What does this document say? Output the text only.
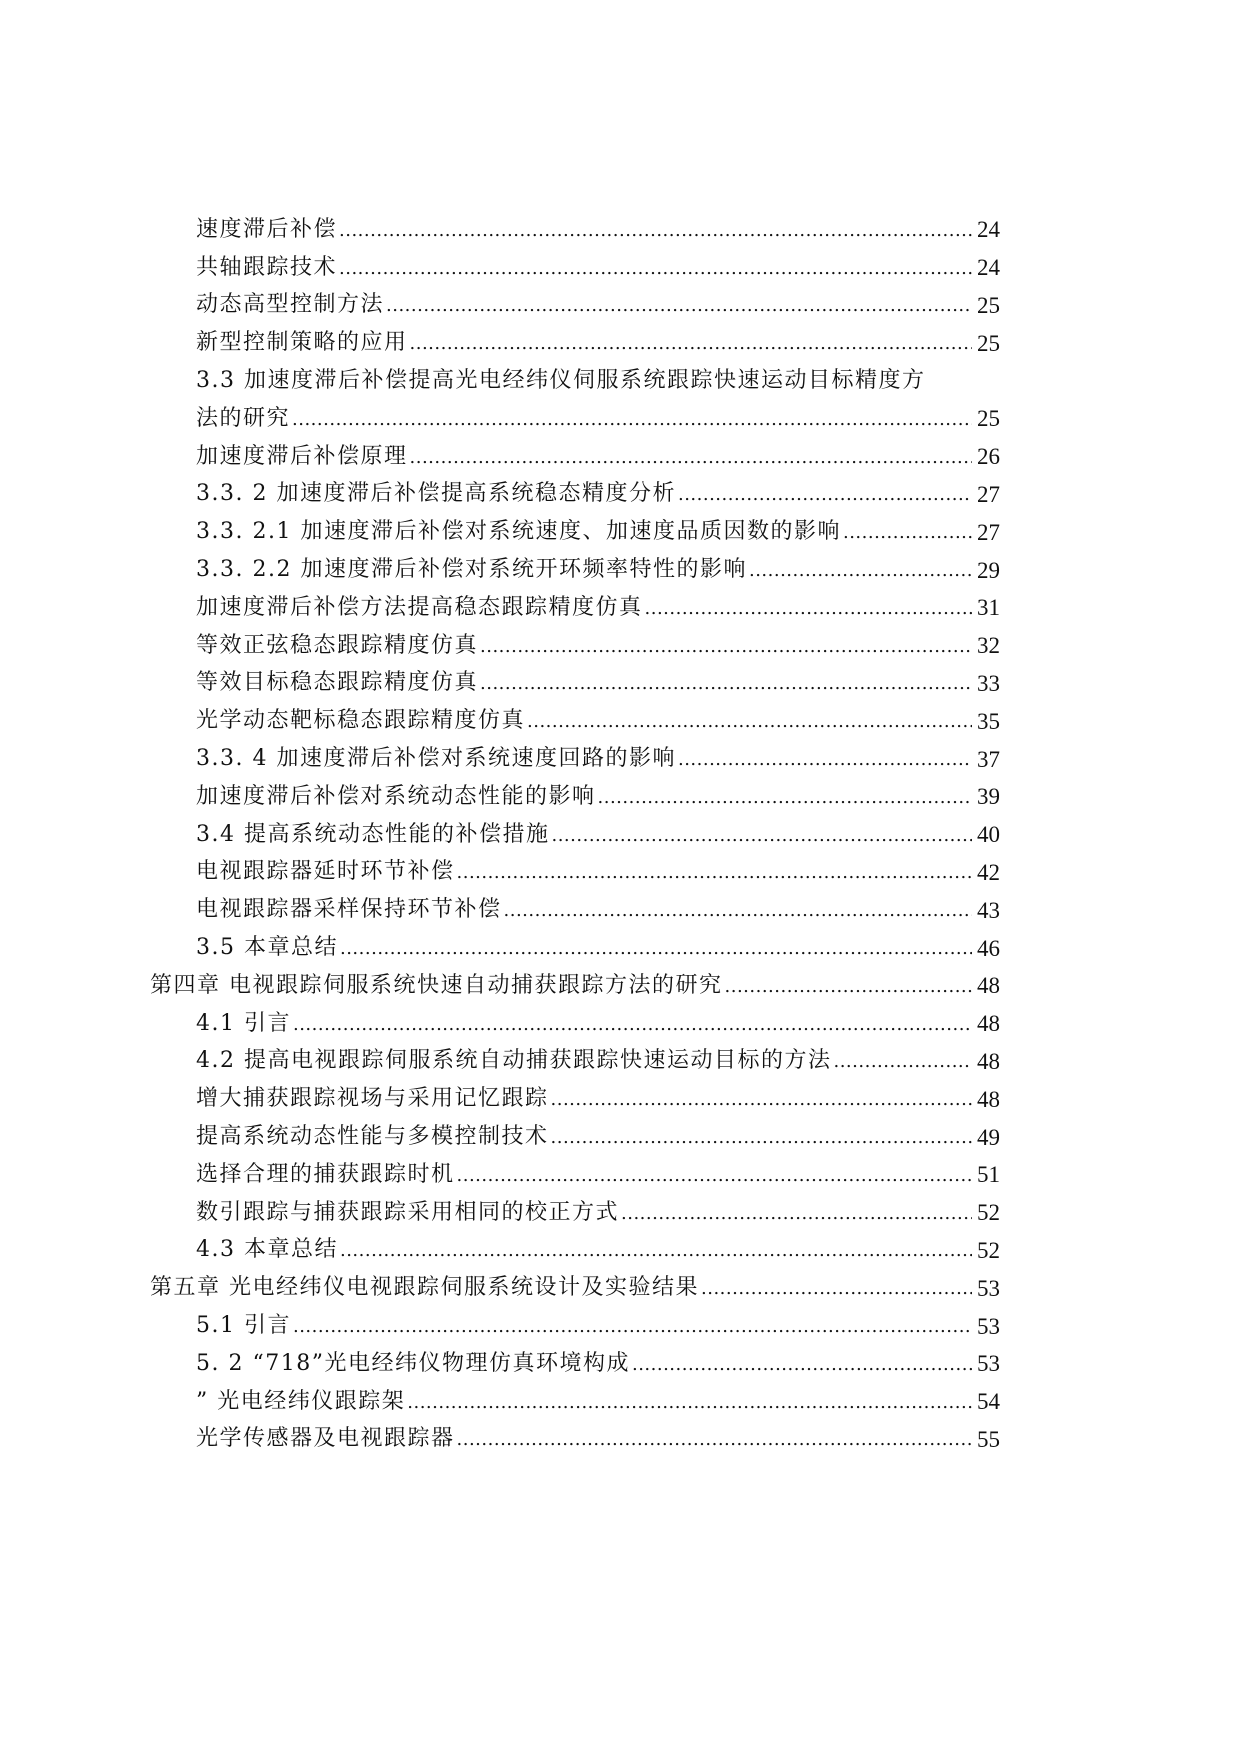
速度滞后补偿 .....	24
共轴跟踪技术 .....	24
动态高型控制方法 .....	25
新型控制策略的应用 .....	25
3.3 加速度滞后补偿提高光电经纬仪伺服系统跟踪快速运动目标精度方
法的研究 .....	25
加速度滞后补偿原理 .....	26
3.3. 2 加速度滞后补偿提高系统稳态精度分析 .....	27
3.3. 2.1 加速度滞后补偿对系统速度、加速度品质因数的影响 .....	27
3.3. 2.2 加速度滞后补偿对系统开环频率特性的影响 .....	29
加速度滞后补偿方法提高稳态跟踪精度仿真 .....	31
等效正弦稳态跟踪精度仿真 .....	32
等效目标稳态跟踪精度仿真 .....	33
光学动态靶标稳态跟踪精度仿真 .....	35
3.3. 4 加速度滞后补偿对系统速度回路的影响 .....	37
加速度滞后补偿对系统动态性能的影响 .....	39
3.4 提高系统动态性能的补偿措施 .....	40
电视跟踪器延时环节补偿 .....	42
电视跟踪器采样保持环节补偿 .....	43
3.5 本章总结 .....	46
第四章 电视跟踪伺服系统快速自动捕获跟踪方法的研究 .....	48
4.1 引言 .....	48
4.2 提高电视跟踪伺服系统自动捕获跟踪快速运动目标的方法 .....	48
增大捕获跟踪视场与采用记忆跟踪 .....	48
提高系统动态性能与多模控制技术 .....	49
选择合理的捕获跟踪时机 .....	51
数引跟踪与捕获跟踪采用相同的校正方式 .....	52
4.3 本章总结 .....	52
第五章 光电经纬仪电视跟踪伺服系统设计及实验结果 .....	53
5.1 引言 .....	53
5. 2 “718”光电经纬仪物理仿真环境构成 .....	53
” 光电经纬仪跟踪架 .....	54
光学传感器及电视跟踪器 .....	55
